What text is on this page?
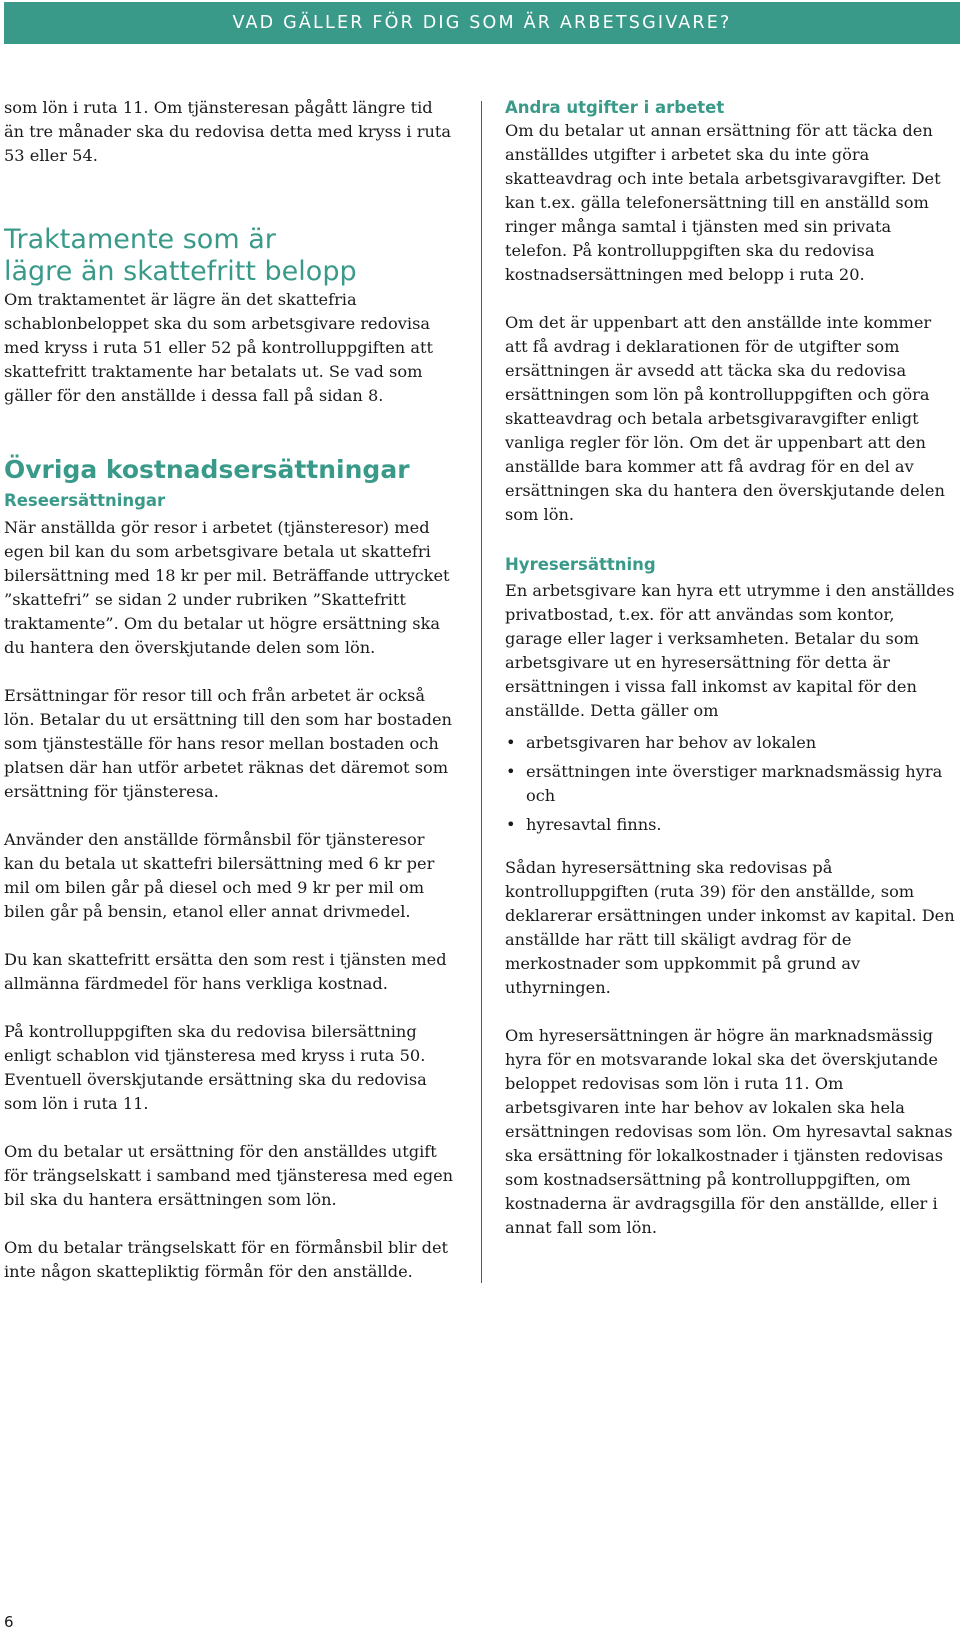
VAD GÄLLER FÖR DIG SOM ÄR ARBETSGIVARE?

som lön i ruta 11. Om tjänsteresan pågått längre tid än tre månader ska du redovisa detta med kryss i ruta 53 eller 54.

Traktamente som är
lägre än skattefritt belopp

Om traktamentet är lägre än det skattefria schablonbeloppet ska du som arbetsgivare redovisa med kryss i ruta 51 eller 52 på kontrolluppgiften att skattefritt traktamente har betalats ut. Se vad som gäller för den anställde i dessa fall på sidan 8.

Övriga kostnadsersättningar
Reseersättningar

När anställda gör resor i arbetet (tjänsteresor) med egen bil kan du som arbetsgivare betala ut skattefri bilersättning med 18 kr per mil. Beträffande uttrycket ”skattefri” se sidan 2 under rubriken ”Skattefritt traktamente”. Om du betalar ut högre ersättning ska du hantera den överskjutande delen som lön.

Ersättningar för resor till och från arbetet är också lön. Betalar du ut ersättning till den som har bostaden som tjänsteställe för hans resor mellan bostaden och platsen där han utför arbetet räknas det däremot som ersättning för tjänsteresa.

Använder den anställde förmånsbil för tjänsteresor kan du betala ut skattefri bilersättning med 6 kr per mil om bilen går på diesel och med 9 kr per mil om bilen går på bensin, etanol eller annat drivmedel.

Du kan skattefritt ersätta den som rest i tjänsten med allmänna färdmedel för hans verkliga kostnad.

På kontrolluppgiften ska du redovisa bilersättning enligt schablon vid tjänsteresa med kryss i ruta 50. Eventuell överskjutande ersättning ska du redovisa som lön i ruta 11.

Om du betalar ut ersättning för den anställdes utgift för trängselskatt i samband med tjänsteresa med egen bil ska du hantera ersättningen som lön.

Om du betalar trängselskatt för en förmånsbil blir det inte någon skattepliktig förmån för den anställde.

Andra utgifter i arbetet

Om du betalar ut annan ersättning för att täcka den anställdes utgifter i arbetet ska du inte göra skatteavdrag och inte betala arbetsgivaravgifter. Det kan t.ex. gälla telefonersättning till en anställd som ringer många samtal i tjänsten med sin privata telefon. På kontrolluppgiften ska du redovisa kostnadsersättningen med belopp i ruta 20.

Om det är uppenbart att den anställde inte kommer att få avdrag i deklarationen för de utgifter som ersättningen är avsedd att täcka ska du redovisa ersättningen som lön på kontrolluppgiften och göra skatteavdrag och betala arbetsgivaravgifter enligt vanliga regler för lön. Om det är uppenbart att den anställde bara kommer att få avdrag för en del av ersättningen ska du hantera den överskjutande delen som lön.

Hyresersättning

En arbetsgivare kan hyra ett utrymme i den anställdes privatbostad, t.ex. för att användas som kontor, garage eller lager i verksamheten. Betalar du som arbetsgivare ut en hyresersättning för detta är ersättningen i vissa fall inkomst av kapital för den anställde. Detta gäller om

• arbetsgivaren har behov av lokalen
• ersättningen inte överstiger marknadsmässig hyra och
• hyresavtal finns.

Sådan hyresersättning ska redovisas på kontrolluppgiften (ruta 39) för den anställde, som deklarerar ersättningen under inkomst av kapital. Den anställde har rätt till skäligt avdrag för de merkostnader som uppkommit på grund av uthyrningen.

Om hyresersättningen är högre än marknadsmässig hyra för en motsvarande lokal ska det överskjutande beloppet redovisas som lön i ruta 11. Om arbetsgivaren inte har behov av lokalen ska hela ersättningen redovisas som lön. Om hyresavtal saknas ska ersättning för lokalkostnader i tjänsten redovisas som kostnadsersättning på kontrolluppgiften, om kostnaderna är avdragsgilla för den anställde, eller i annat fall som lön.

6
